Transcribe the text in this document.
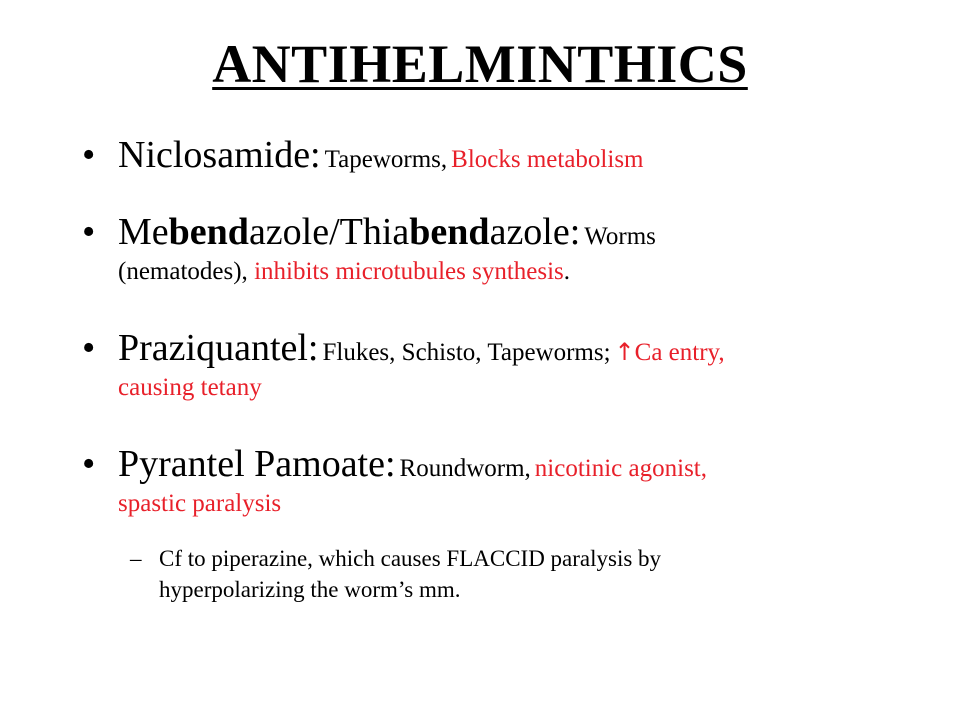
ANTIHELMINTHICS
• Niclosamide: Tapeworms, Blocks metabolism
• Mebendazole/Thiabendazole: Worms
(nematodes), inhibits microtubules synthesis.
• Praziquantel: Flukes, Schisto, Tapeworms; ↑Ca entry,
causing tetany
• Pyrantel Pamoate: Roundworm, nicotinic agonist,
spastic paralysis
– Cf to piperazine, which causes FLACCID paralysis by
hyperpolarizing the worm’s mm.
